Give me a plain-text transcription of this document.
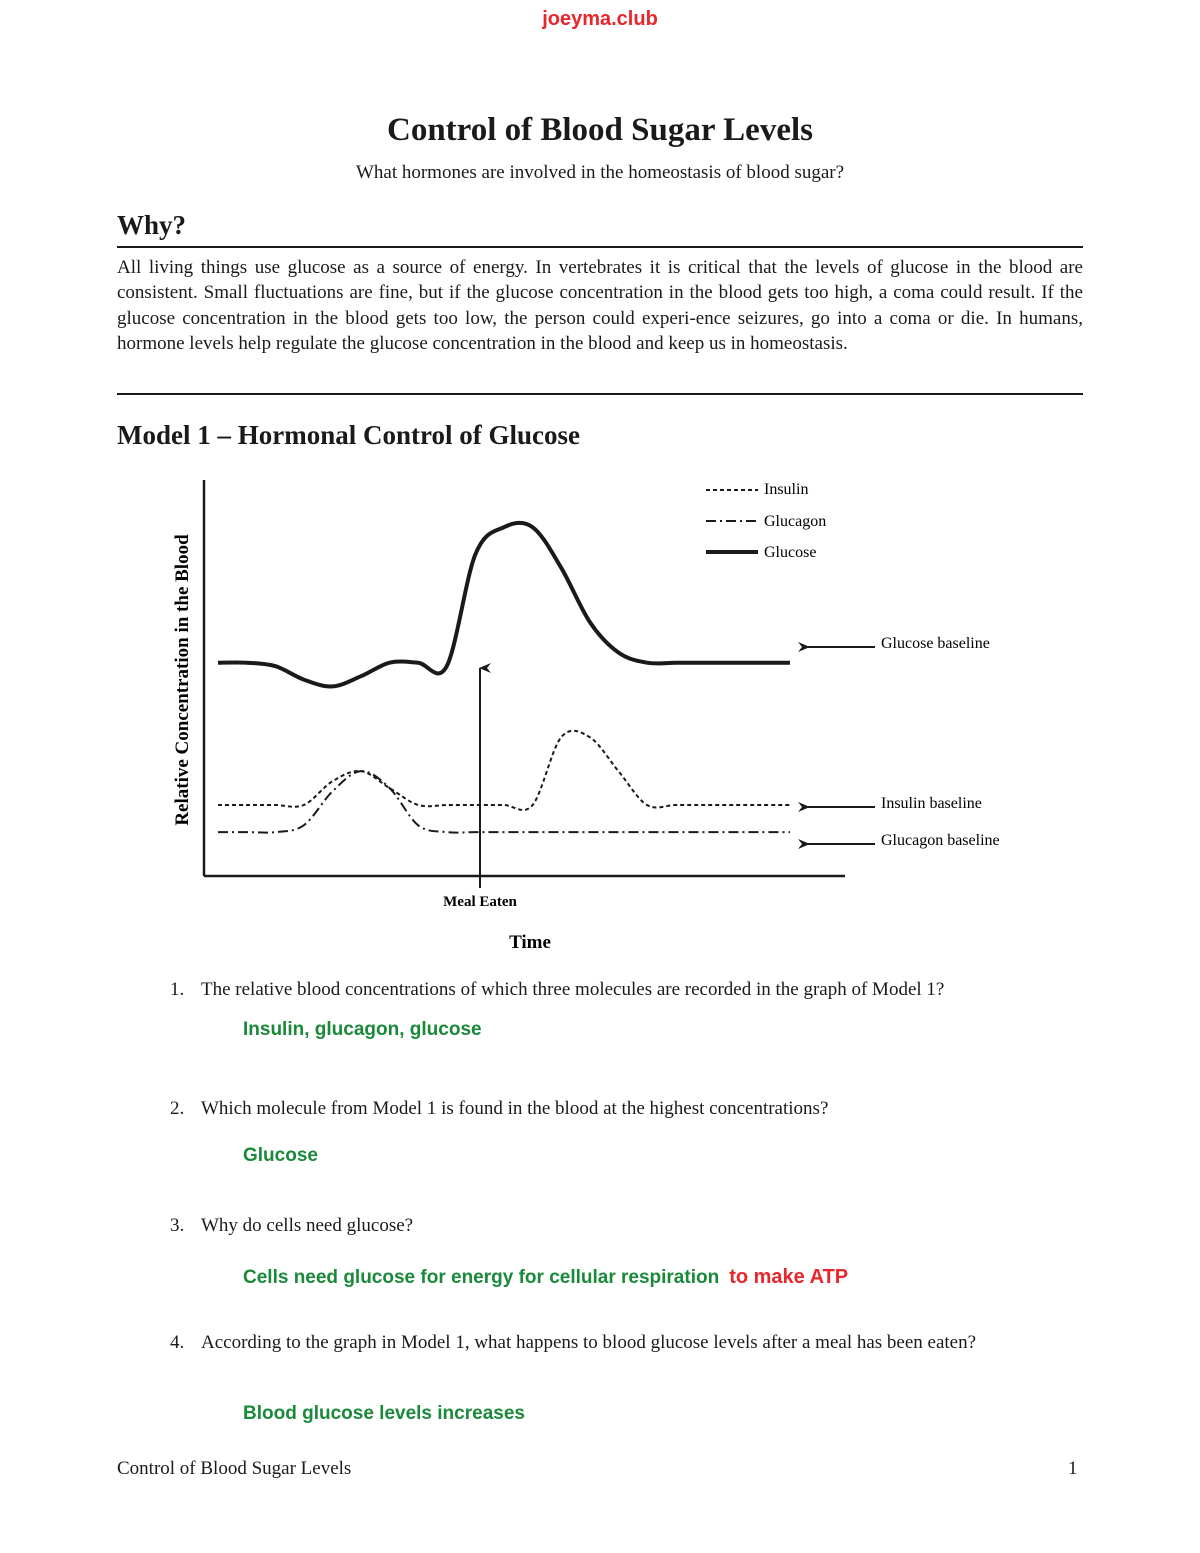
joeyma.club
Control of Blood Sugar Levels
What hormones are involved in the homeostasis of blood sugar?
Why?
All living things use glucose as a source of energy. In vertebrates it is critical that the levels of glucose in the blood are consistent. Small fluctuations are fine, but if the glucose concentration in the blood gets too high, a coma could result. If the glucose concentration in the blood gets too low, the person could experi-ence seizures, go into a coma or die. In humans, hormone levels help regulate the glucose concentration in the blood and keep us in homeostasis.
Model 1 – Hormonal Control of Glucose
Relative Concentration in the Blood
Time
Meal Eaten
Glucose baseline
Insulin baseline
Glucagon baseline
Insulin
Glucagon
Glucose
1. The relative blood concentrations of which three molecules are recorded in the graph of Model 1?
Insulin, glucagon, glucose
2. Which molecule from Model 1 is found in the blood at the highest concentrations?
Glucose
3. Why do cells need glucose?
Cells need glucose for energy for cellular respiration to make ATP
4. According to the graph in Model 1, what happens to blood glucose levels after a meal has been eaten?
Blood glucose levels increases
Control of Blood Sugar Levels	1
